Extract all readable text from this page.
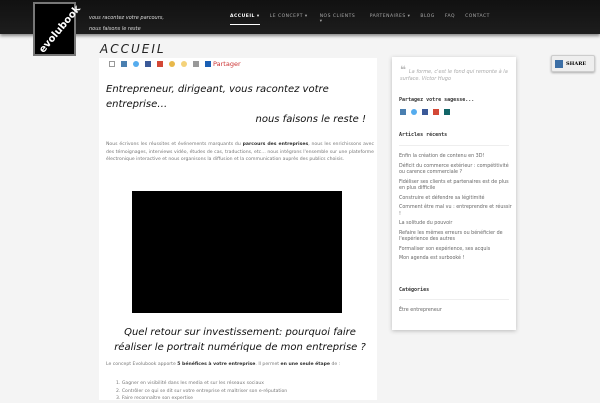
vous racontez votre parcours,
nous faisons le reste
ACCUEIL ▾ LE CONCEPT ▾	NOS CLIENTS ▾
PARTENAIRES ▾ BLOG FAQ CONTACT
evolubook ACCUEIL
Partager
Entrepreneur, dirigeant, vous racontez votre entreprise…

nous faisons le reste !

Nous écrivons les réussites et événements marquants du parcours des entreprises, nous les enrichissons avec des témoignages, interviews vidéo, études de cas, traductions, etc… nous intégrons l'ensemble sur une plateforme électronique interactive et nous organisons la diffusion et la communication auprès des publics choisis.

Quel retour sur investissement: pourquoi faire réaliser le portrait numérique de mon entreprise ?

Le concept Evolubook apporte 5 bénéfices à votre entreprise. Il permet en une seule étape de :

1. Gagner en visibilité dans les media et sur les réseaux sociaux
2. Contrôler ce qui se dit sur votre entreprise et maîtriser son e-réputation
3. Faire reconnaître son expertise
❝ La forme, c'est le fond qui remonte à la surface. Victor Hugo
Partagez votre sagesse...
Articles récents
Enfin la création de contenu en 3D!
Déficit du commerce extérieur : compétitivité ou carence commerciale ?
Fidéliser ses clients et partenaires est de plus en plus difficile
Construire et défendre sa légitimité
Comment être mal vu : entreprendre et réussir !
La solitude du pouvoir
Refaire les mêmes erreurs ou bénéficier de l'expérience des autres
Formaliser son expérience, ses acquis
Mon agenda est surbooké !
Catégories
Être entrepreneur
SHARE
